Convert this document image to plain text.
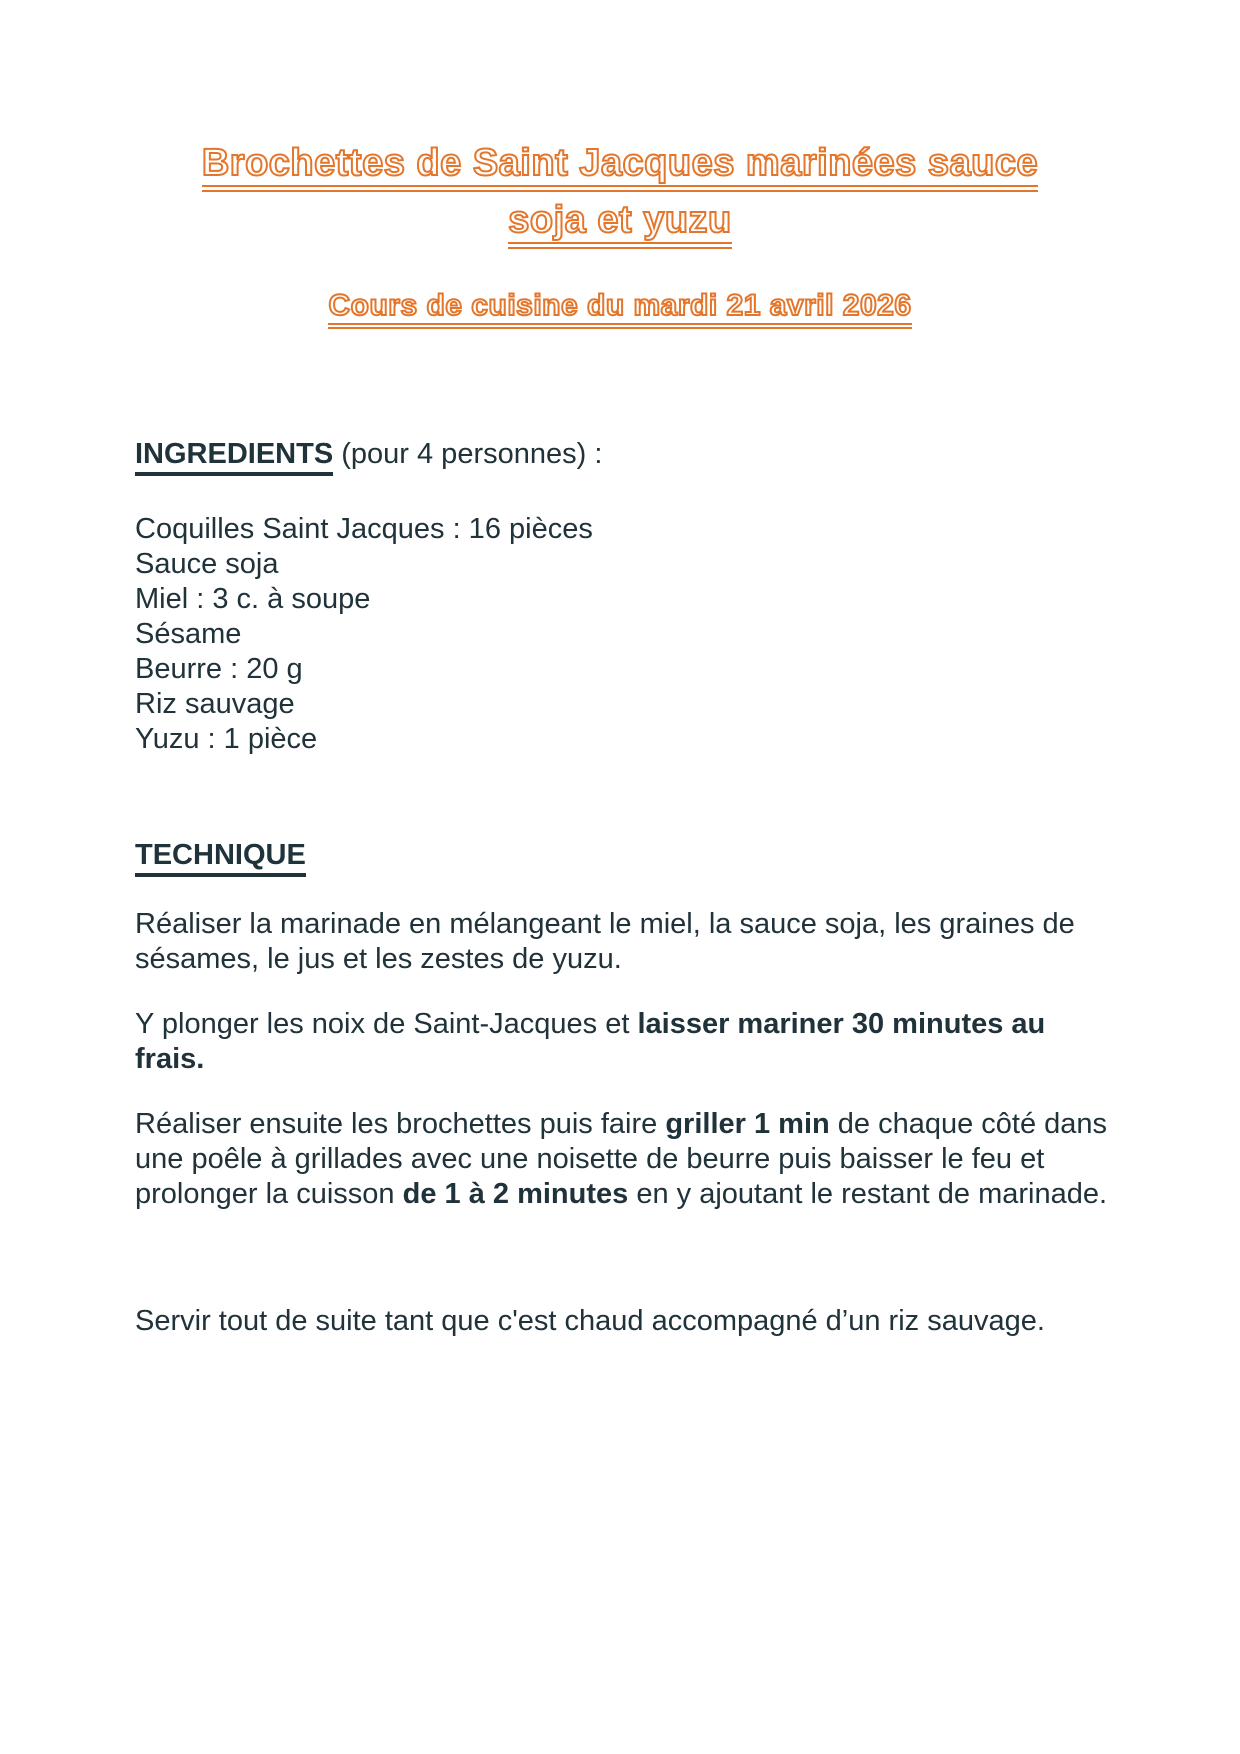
Brochettes de Saint Jacques marinées sauce
soja et yuzu
Cours de cuisine du mardi 21 avril 2026

INGREDIENTS (pour 4 personnes) :

Coquilles Saint Jacques : 16 pièces
Sauce soja
Miel : 3 c. à soupe
Sésame
Beurre : 20 g
Riz sauvage
Yuzu : 1 pièce

TECHNIQUE

Réaliser la marinade en mélangeant le miel, la sauce soja, les graines de sésames, le jus et les zestes de yuzu.

Y plonger les noix de Saint-Jacques et laisser mariner 30 minutes au frais.

Réaliser ensuite les brochettes puis faire griller 1 min de chaque côté dans une poêle à grillades avec une noisette de beurre puis baisser le feu et prolonger la cuisson de 1 à 2 minutes en y ajoutant le restant de marinade.

Servir tout de suite tant que c'est chaud accompagné d’un riz sauvage.
